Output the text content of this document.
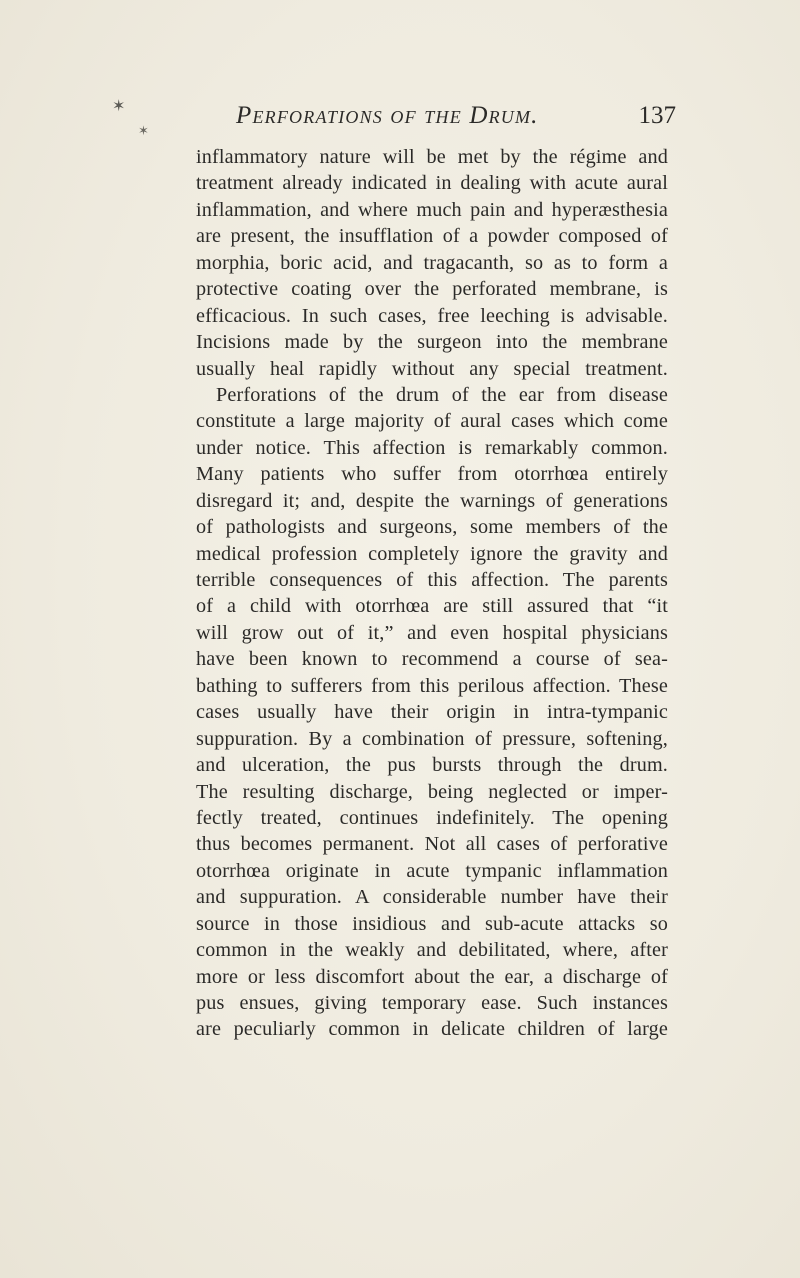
✶
✶
Perforations of the Drum.	137
inflammatory nature will be met by the régime and
treatment already indicated in dealing with acute aural
inflammation, and where much pain and hyperæsthesia
are present, the insufflation of a powder composed of
morphia, boric acid, and tragacanth, so as to form a
protective coating over the perforated membrane, is
efficacious. In such cases, free leeching is advisable.
Incisions made by the surgeon into the membrane
usually heal rapidly without any special treatment.
Perforations of the drum of the ear from disease
constitute a large majority of aural cases which come
under notice. This affection is remarkably common.
Many patients who suffer from otorrhœa entirely
disregard it; and, despite the warnings of generations
of pathologists and surgeons, some members of the
medical profession completely ignore the gravity and
terrible consequences of this affection. The parents
of a child with otorrhœa are still assured that “it
will grow out of it,” and even hospital physicians
have been known to recommend a course of sea-
bathing to sufferers from this perilous affection. These
cases usually have their origin in intra-tympanic
suppuration. By a combination of pressure, softening,
and ulceration, the pus bursts through the drum.
The resulting discharge, being neglected or imper-
fectly treated, continues indefinitely. The opening
thus becomes permanent. Not all cases of perforative
otorrhœa originate in acute tympanic inflammation
and suppuration. A considerable number have their
source in those insidious and sub-acute attacks so
common in the weakly and debilitated, where, after
more or less discomfort about the ear, a discharge of
pus ensues, giving temporary ease. Such instances
are peculiarly common in delicate children of large
